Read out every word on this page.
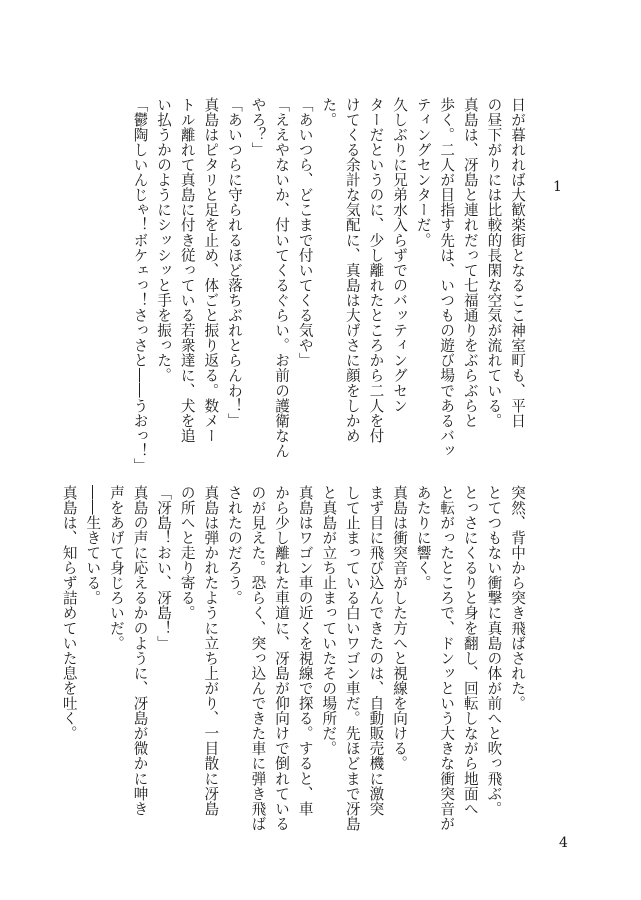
1

日が暮れれば大歓楽街となるここ神室町も、平日

の昼下がりには比較的長閑な空気が流れている。

真島は、冴島と連れだって七福通りをぶらぶらと

歩く。二人が目指す先は、いつもの遊び場であるバッ

ティングセンターだ。

久しぶりに兄弟水入らずでのバッティングセン

ターだというのに、少し離れたところから二人を付

けてくる余計な気配に、真島は大げさに顔をしかめ

た。

「あいつら、どこまで付いてくる気や」

「ええやないか、付いてくるぐらい。お前の護衛なん

やろ？」

「あいつらに守られるほど落ちぶれとらんわ！」

真島はピタリと足を止め、体ごと振り返る。数メー

トル離れて真島に付き従っている若衆達に、犬を追

い払うかのようにシッシッと手を振った。

「鬱陶しいんじゃ！ボケェっ！さっさと――うおっ！」

突然、背中から突き飛ばされた。

とてつもない衝撃に真島の体が前へと吹っ飛ぶ。

とっさにくるりと身を翻し、回転しながら地面へ

と転がったところで、ドンッという大きな衝突音が

あたりに響く。

真島は衝突音がした方へと視線を向ける。

まず目に飛び込んできたのは、自動販売機に激突

して止まっている白いワゴン車だ。先ほどまで冴島

と真島が立ち止まっていたその場所だ。

真島はワゴン車の近くを視線で探る。すると、車

から少し離れた車道に、冴島が仰向けで倒れている

のが見えた。恐らく、突っ込んできた車に弾き飛ば

されたのだろう。

真島は弾かれたように立ち上がり、一目散に冴島

の所へと走り寄る。

「冴島！おい、冴島！」

真島の声に応えるかのように、冴島が微かに呻き

声をあげて身じろいだ。

――生きている。

真島は、知らず詰めていた息を吐く。

4
